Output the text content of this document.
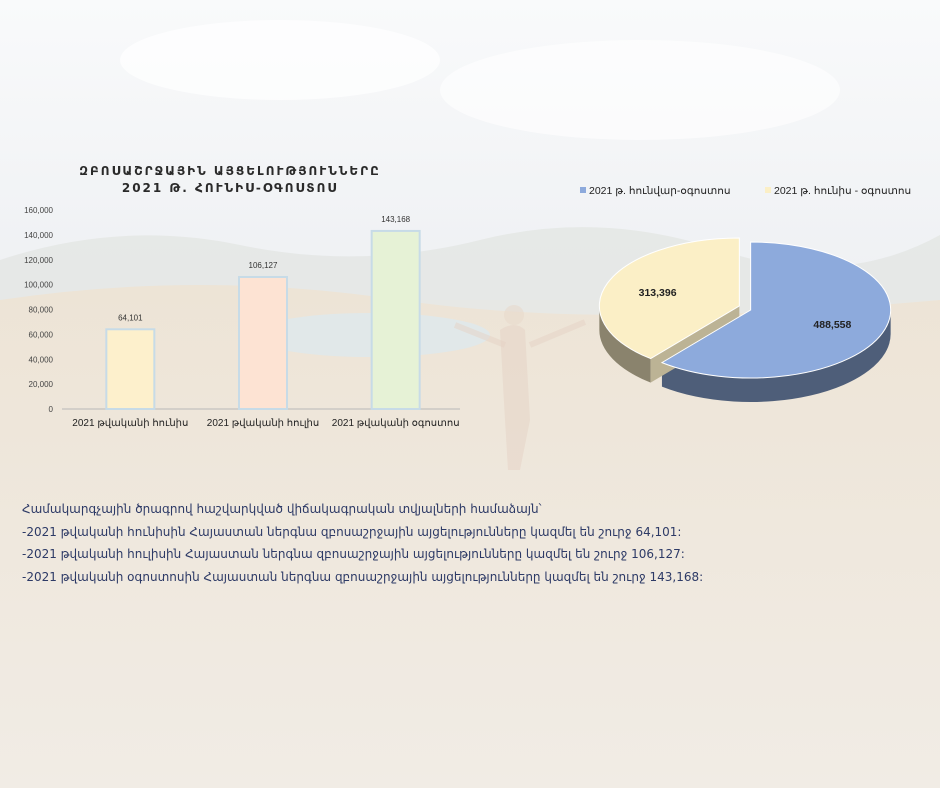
ԶԲՈՍԱՇՐՋԱՅԻՆ ԱՅՑԵԼՈՒԹՅՈՒՆՆԵՐԸ
2021 Թ. ՀՈՒՆԻՍ-ՕԳՈՍՏՈՍ
0
20,000
40,000
60,000
80,000
100,000
120,000
140,000
160,000
64,101
2021 թվականի հունիս
106,127
2021 թվականի հուլիս
143,168
2021 թվականի օգոստոս
2021 թ. հունվար-օգոստոս	2021 թ. հունիս - օգոստոս
488,558
313,396
Համակարգչային ծրագրով հաշվարկված վիճակագրական տվյալների համաձայն՝
-2021 թվականի հունիսին Հայաստան ներգնա զբոսաշրջային այցելությունները կազմել են շուրջ 64,101:
-2021 թվականի հուլիսին Հայաստան ներգնա զբոսաշրջային այցելությունները կազմել են շուրջ 106,127:
-2021 թվականի օգոստոսին Հայաստան ներգնա զբոսաշրջային այցելությունները կազմել են շուրջ 143,168:
